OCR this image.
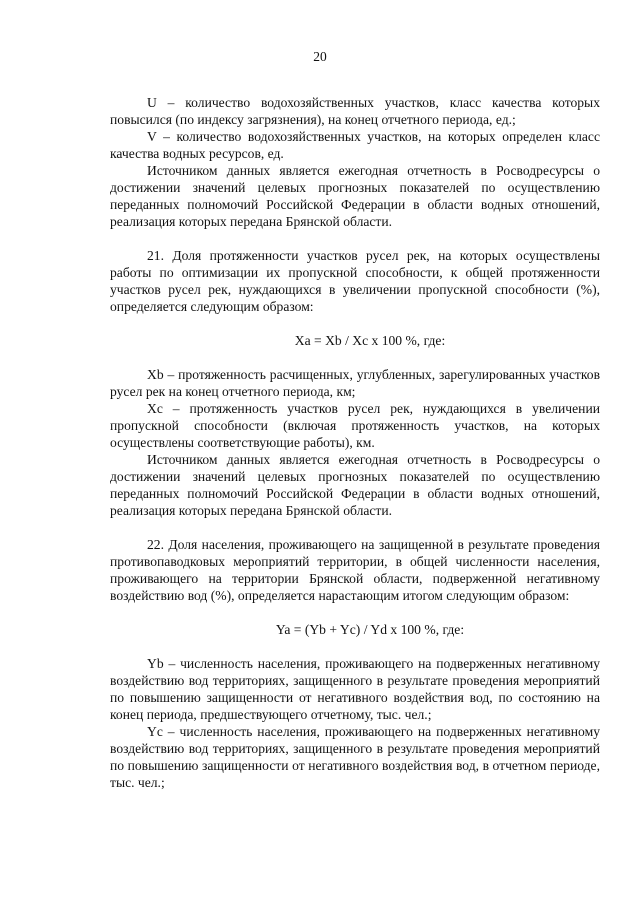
20

U – количество водохозяйственных участков, класс качества которых повысился (по индексу загрязнения), на конец отчетного периода, ед.;

V – количество водохозяйственных участков, на которых определен класс качества водных ресурсов, ед.

Источником данных является ежегодная отчетность в Росводресурсы о достижении значений целевых прогнозных показателей по осуществлению переданных полномочий Российской Федерации в области водных отношений, реализация которых передана Брянской области.

21. Доля протяженности участков русел рек, на которых осуществлены работы по оптимизации их пропускной способности, к общей протяженности участков русел рек, нуждающихся в увеличении пропускной способности (%), определяется следующим образом:

Xa = Xb / Xc x 100 %, где:

Xb – протяженность расчищенных, углубленных, зарегулированных участков русел рек на конец отчетного периода, км;

Xc – протяженность участков русел рек, нуждающихся в увеличении пропускной способности (включая протяженность участков, на которых осуществлены соответствующие работы), км.

Источником данных является ежегодная отчетность в Росводресурсы о достижении значений целевых прогнозных показателей по осуществлению переданных полномочий Российской Федерации в области водных отношений, реализация которых передана Брянской области.

22. Доля населения, проживающего на защищенной в результате проведения противопаводковых мероприятий территории, в общей численности населения, проживающего на территории Брянской области, подверженной негативному воздействию вод (%), определяется нарастающим итогом следующим образом:

Ya = (Yb + Yc) / Yd x 100 %, где:

Yb – численность населения, проживающего на подверженных негативному воздействию вод территориях, защищенного в результате проведения мероприятий по повышению защищенности от негативного воздействия вод, по состоянию на конец периода, предшествующего отчетному, тыс. чел.;

Yc – численность населения, проживающего на подверженных негативному воздействию вод территориях, защищенного в результате проведения мероприятий по повышению защищенности от негативного воздействия вод, в отчетном периоде, тыс. чел.;
